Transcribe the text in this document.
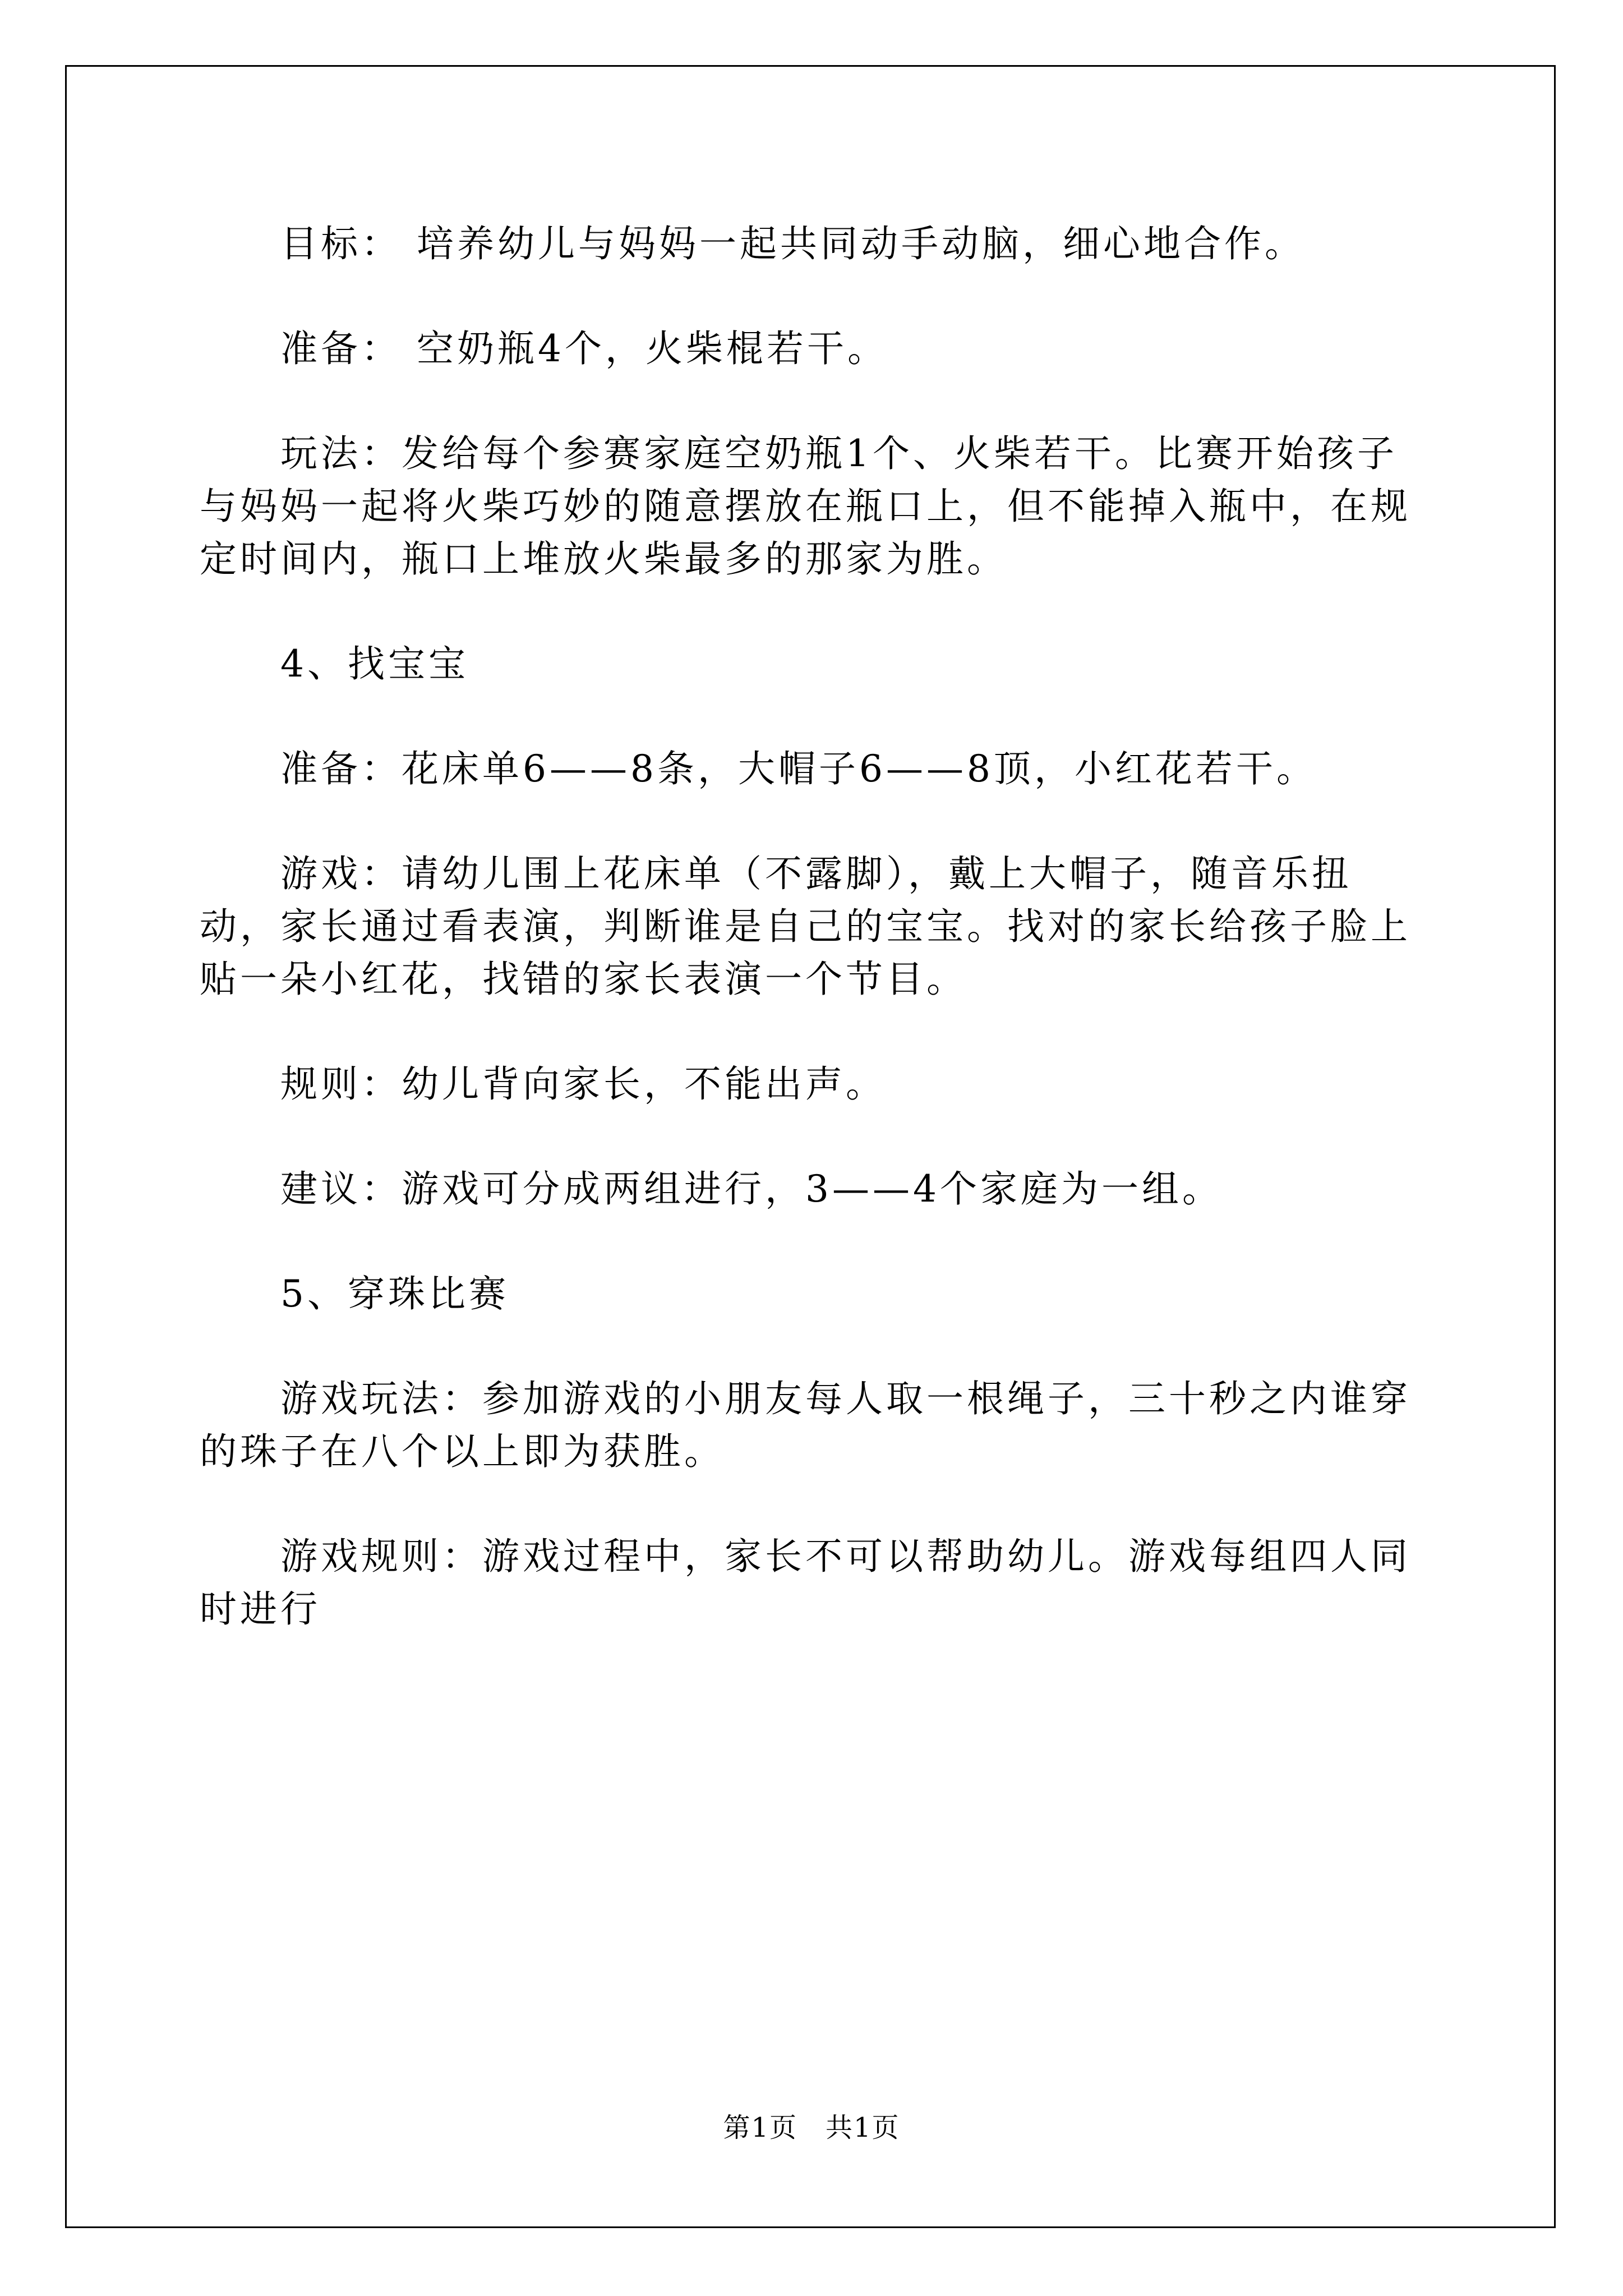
目标： 培养幼儿与妈妈一起共同动手动脑，细心地合作。

准备： 空奶瓶4个，火柴棍若干。

玩法：发给每个参赛家庭空奶瓶1个、火柴若干。比赛开始孩子与妈妈一起将火柴巧妙的随意摆放在瓶口上，但不能掉入瓶中，在规定时间内，瓶口上堆放火柴最多的那家为胜。

4、找宝宝

准备：花床单6——8条，大帽子6——8顶，小红花若干。

游戏：请幼儿围上花床单（不露脚），戴上大帽子，随音乐扭动，家长通过看表演，判断谁是自己的宝宝。找对的家长给孩子脸上贴一朵小红花，找错的家长表演一个节目。

规则：幼儿背向家长，不能出声。

建议：游戏可分成两组进行，3——4个家庭为一组。

5、穿珠比赛

游戏玩法：参加游戏的小朋友每人取一根绳子，三十秒之内谁穿的珠子在八个以上即为获胜。

游戏规则：游戏过程中，家长不可以帮助幼儿。游戏每组四人同时进行

第1页　共1页
